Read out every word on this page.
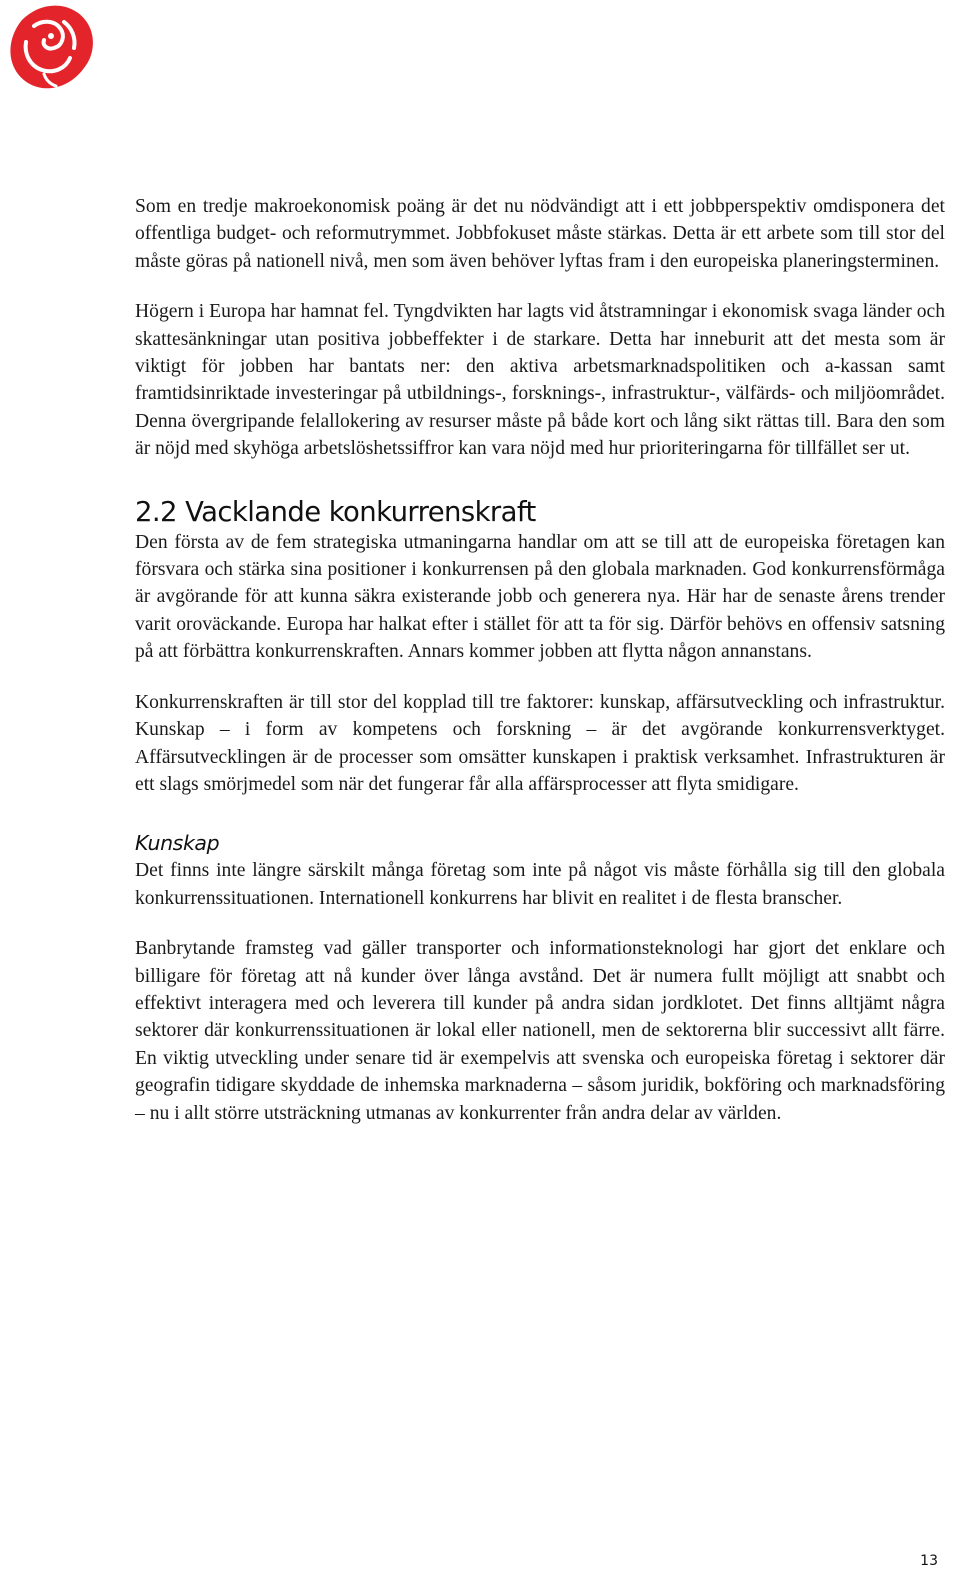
Som en tredje makroekonomisk poäng är det nu nödvändigt att i ett jobbperspektiv omdisponera det offentliga budget- och reformutrymmet. Jobbfokuset måste stärkas. Detta är ett arbete som till stor del måste göras på nationell nivå, men som även behöver lyftas fram i den europeiska planeringsterminen.

Högern i Europa har hamnat fel. Tyngdvikten har lagts vid åtstramningar i ekonomisk svaga länder och skattesänkningar utan positiva jobbeffekter i de starkare. Detta har inneburit att det mesta som är viktigt för jobben har bantats ner: den aktiva arbetsmarknadspolitiken och a-kassan samt framtidsinriktade investeringar på utbildnings-, forsknings-, infrastruktur-, välfärds- och miljöområdet. Denna övergripande felallokering av resurser måste på både kort och lång sikt rättas till. Bara den som är nöjd med skyhöga arbetslöshetssiffror kan vara nöjd med hur prioriteringarna för tillfället ser ut.

2.2 Vacklande konkurrenskraft

Den första av de fem strategiska utmaningarna handlar om att se till att de europeiska företagen kan försvara och stärka sina positioner i konkurrensen på den globala marknaden. God konkurrensförmåga är avgörande för att kunna säkra existerande jobb och generera nya. Här har de senaste årens trender varit oroväckande. Europa har halkat efter i stället för att ta för sig. Därför behövs en offensiv satsning på att förbättra konkurrenskraften. Annars kommer jobben att flytta någon annanstans.

Konkurrenskraften är till stor del kopplad till tre faktorer: kunskap, affärsutveckling och infrastruktur. Kunskap – i form av kompetens och forskning – är det avgörande konkurrensverktyget. Affärsutvecklingen är de processer som omsätter kunskapen i praktisk verksamhet. Infrastrukturen är ett slags smörjmedel som när det fungerar får alla affärsprocesser att flyta smidigare.

Kunskap

Det finns inte längre särskilt många företag som inte på något vis måste förhålla sig till den globala konkurrenssituationen. Internationell konkurrens har blivit en realitet i de flesta branscher.

Banbrytande framsteg vad gäller transporter och informationsteknologi har gjort det enklare och billigare för företag att nå kunder över långa avstånd. Det är numera fullt möjligt att snabbt och effektivt interagera med och leverera till kunder på andra sidan jordklotet. Det finns alltjämt några sektorer där konkurrenssituationen är lokal eller nationell, men de sektorerna blir successivt allt färre. En viktig utveckling under senare tid är exempelvis att svenska och europeiska företag i sektorer där geografin tidigare skyddade de inhemska marknaderna – såsom juridik, bokföring och marknadsföring – nu i allt större utsträckning utmanas av konkurrenter från andra delar av världen.

13
